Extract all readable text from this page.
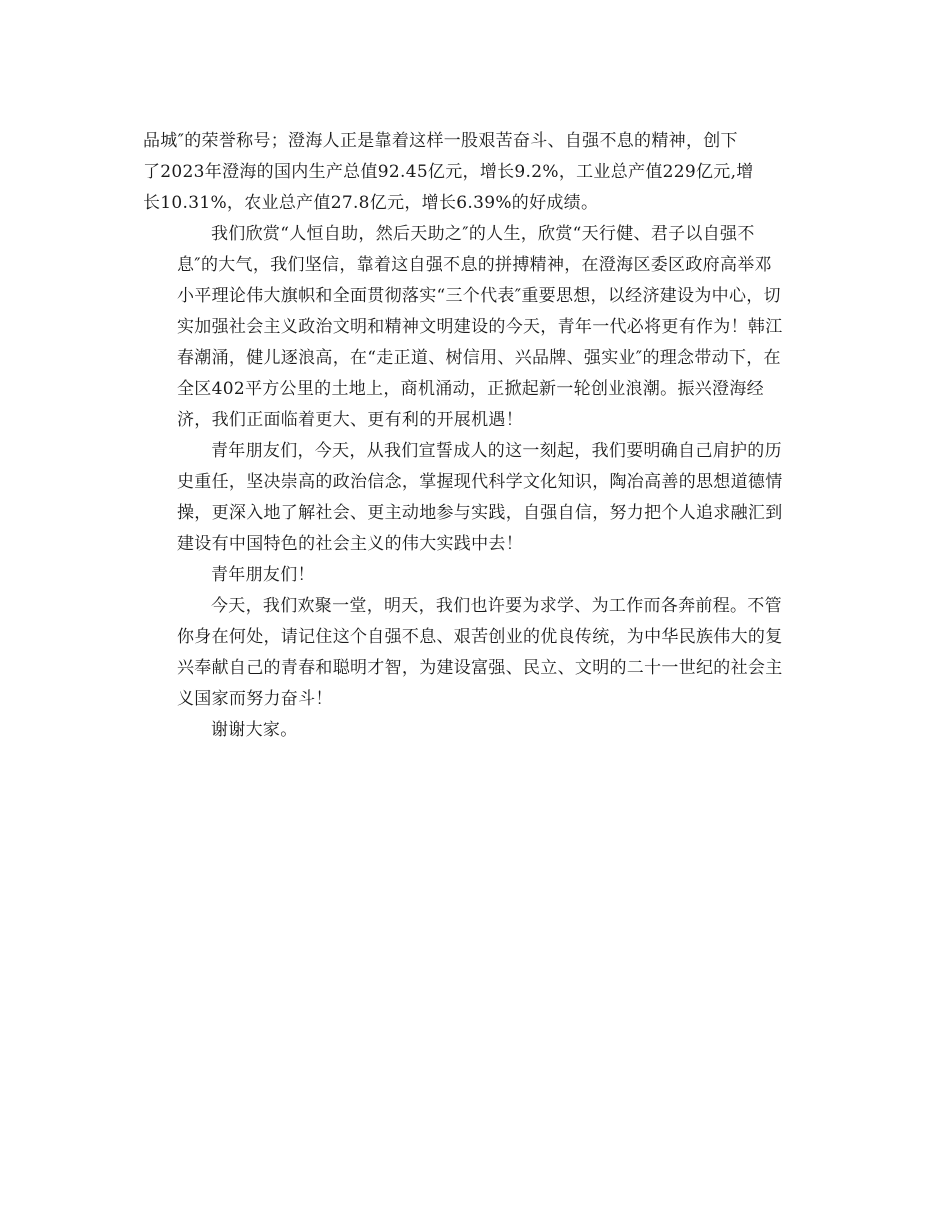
品城″的荣誉称号；澄海人正是靠着这样一股艰苦奋斗、自强不息的精神，创下
了2023年澄海的国内生产总值92.45亿元，增长9.2%，工业总产值229亿元,增
长10.31%，农业总产值27.8亿元，增长6.39%的好成绩。
我们欣赏“人恒自助，然后天助之″的人生，欣赏“天行健、君子以自强不
息″的大气，我们坚信，靠着这自强不息的拼搏精神，在澄海区委区政府高举邓
小平理论伟大旗帜和全面贯彻落实“三个代表″重要思想，以经济建设为中心，切
实加强社会主义政治文明和精神文明建设的今天，青年一代必将更有作为！韩江
春潮涌，健儿逐浪高，在“走正道、树信用、兴品牌、强实业″的理念带动下，在
全区402平方公里的土地上，商机涌动，正掀起新一轮创业浪潮。振兴澄海经
济，我们正面临着更大、更有利的开展机遇！
青年朋友们，今天，从我们宣誓成人的这一刻起，我们要明确自己肩护的历
史重任，坚决崇高的政治信念，掌握现代科学文化知识，陶冶高善的思想道德情
操，更深入地了解社会、更主动地参与实践，自强自信，努力把个人追求融汇到
建设有中国特色的社会主义的伟大实践中去！
青年朋友们！
今天，我们欢聚一堂，明天，我们也许要为求学、为工作而各奔前程。不管
你身在何处，请记住这个自强不息、艰苦创业的优良传统，为中华民族伟大的复
兴奉献自己的青春和聪明才智，为建设富强、民立、文明的二十一世纪的社会主
义国家而努力奋斗！
谢谢大家。
